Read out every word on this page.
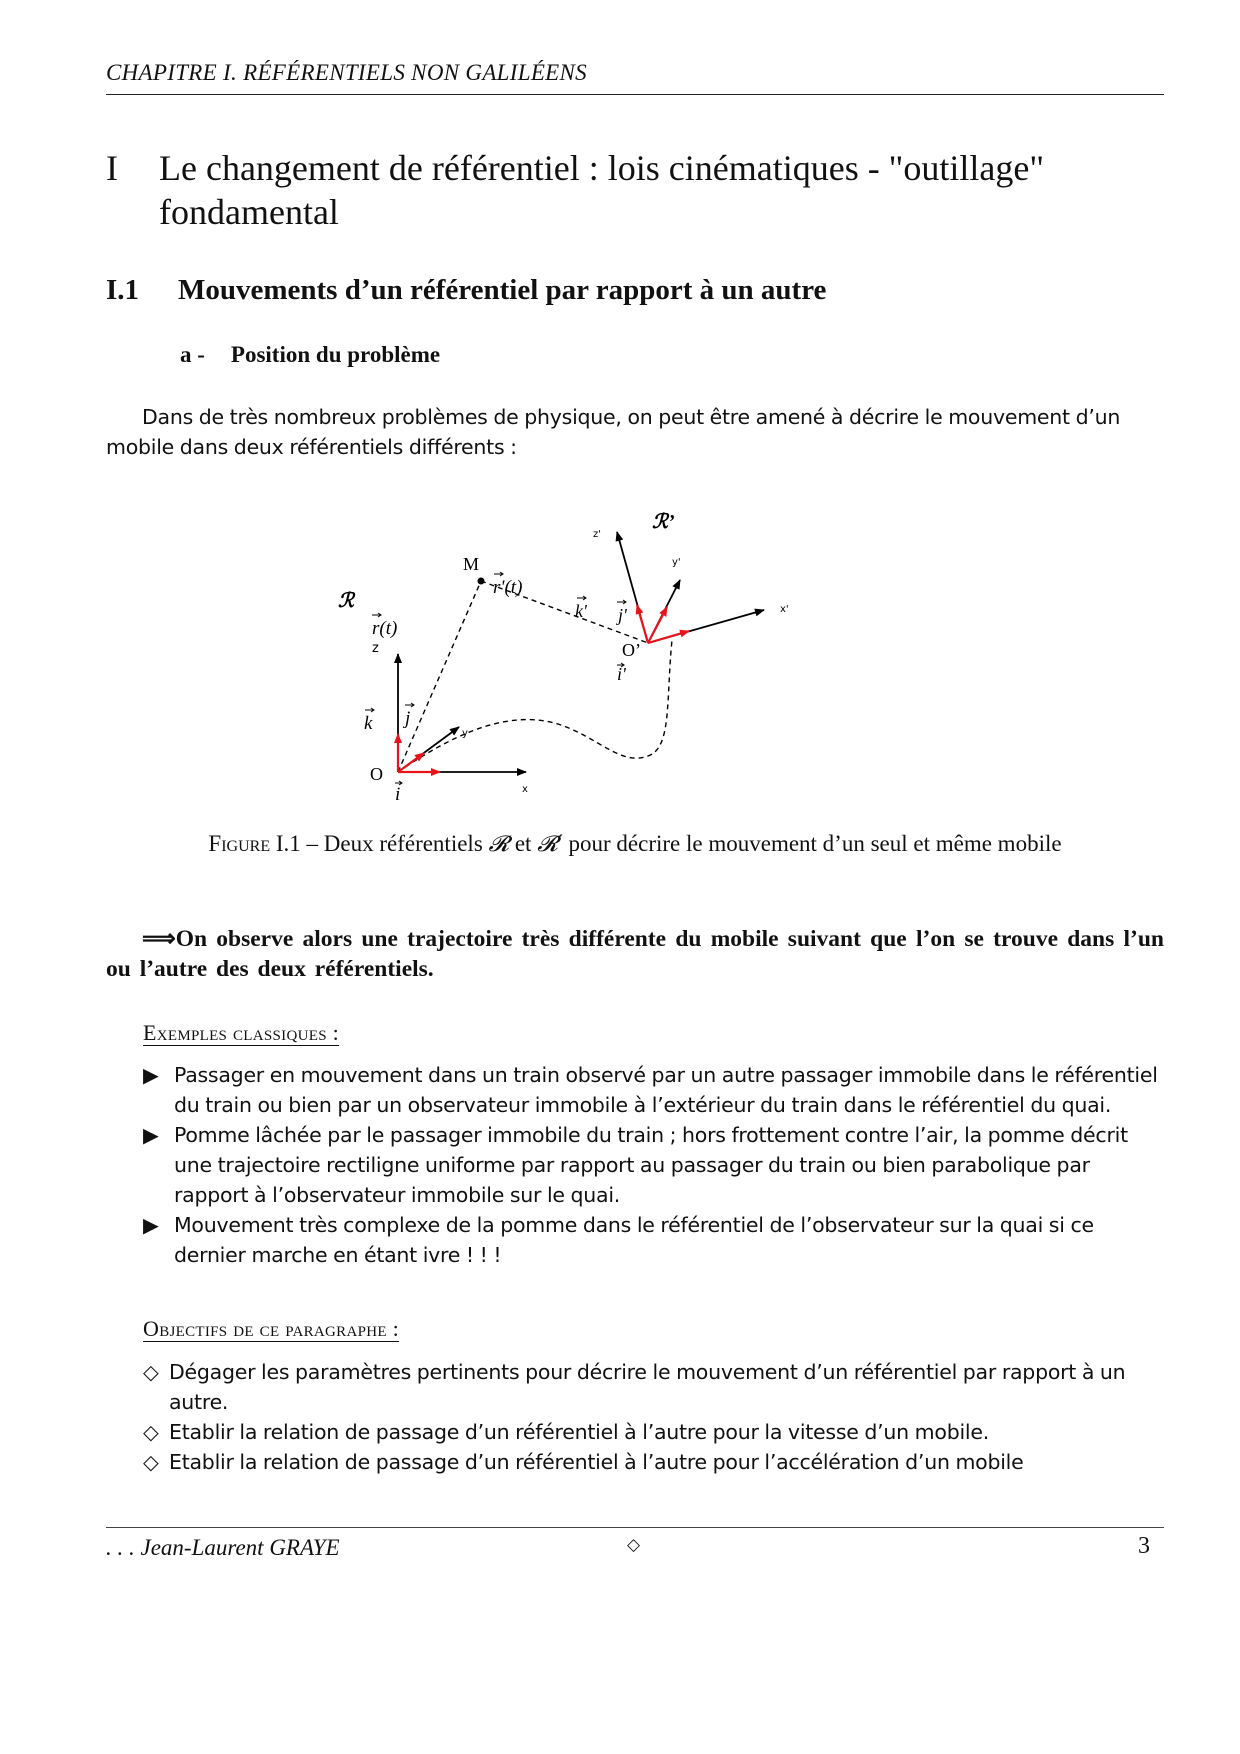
CHAPITRE I. RÉFÉRENTIELS NON GALILÉENS
I Le changement de référentiel : lois cinématiques - "outillage" fondamental
I.1 Mouvements d’un référentiel par rapport à un autre
a - Position du problème
Dans de très nombreux problèmes de physique, on peut être amené à décrire le mouvement d’un mobile dans deux référentiels différents :
M
O
O’
ℛ
ℛ’
z
x
y
z'
y'
x'
k
i
j
k' j'
i'
r(t)
r'(t)
Figure I.1 – Deux référentiels 𝓡 et 𝓡′ pour décrire le mouvement d’un seul et même mobile
⟹On observe alors une trajectoire très différente du mobile suivant que l’on se trouve dans l’un ou l’autre des deux référentiels.
Exemples classiques :
▶ Passager en mouvement dans un train observé par un autre passager immobile dans le référentiel du train ou bien par un observateur immobile à l’extérieur du train dans le référentiel du quai.
▶ Pomme lâchée par le passager immobile du train ; hors frottement contre l’air, la pomme décrit une trajectoire rectiligne uniforme par rapport au passager du train ou bien parabolique par rapport à l’observateur immobile sur le quai.
▶ Mouvement très complexe de la pomme dans le référentiel de l’observateur sur la quai si ce dernier marche en étant ivre ! ! !
Objectifs de ce paragraphe :
◇ Dégager les paramètres pertinents pour décrire le mouvement d’un référentiel par rapport à un autre.
◇ Etablir la relation de passage d’un référentiel à l’autre pour la vitesse d’un mobile.
◇ Etablir la relation de passage d’un référentiel à l’autre pour l’accélération d’un mobile
. . . Jean-Laurent GRAYE	◇	3
